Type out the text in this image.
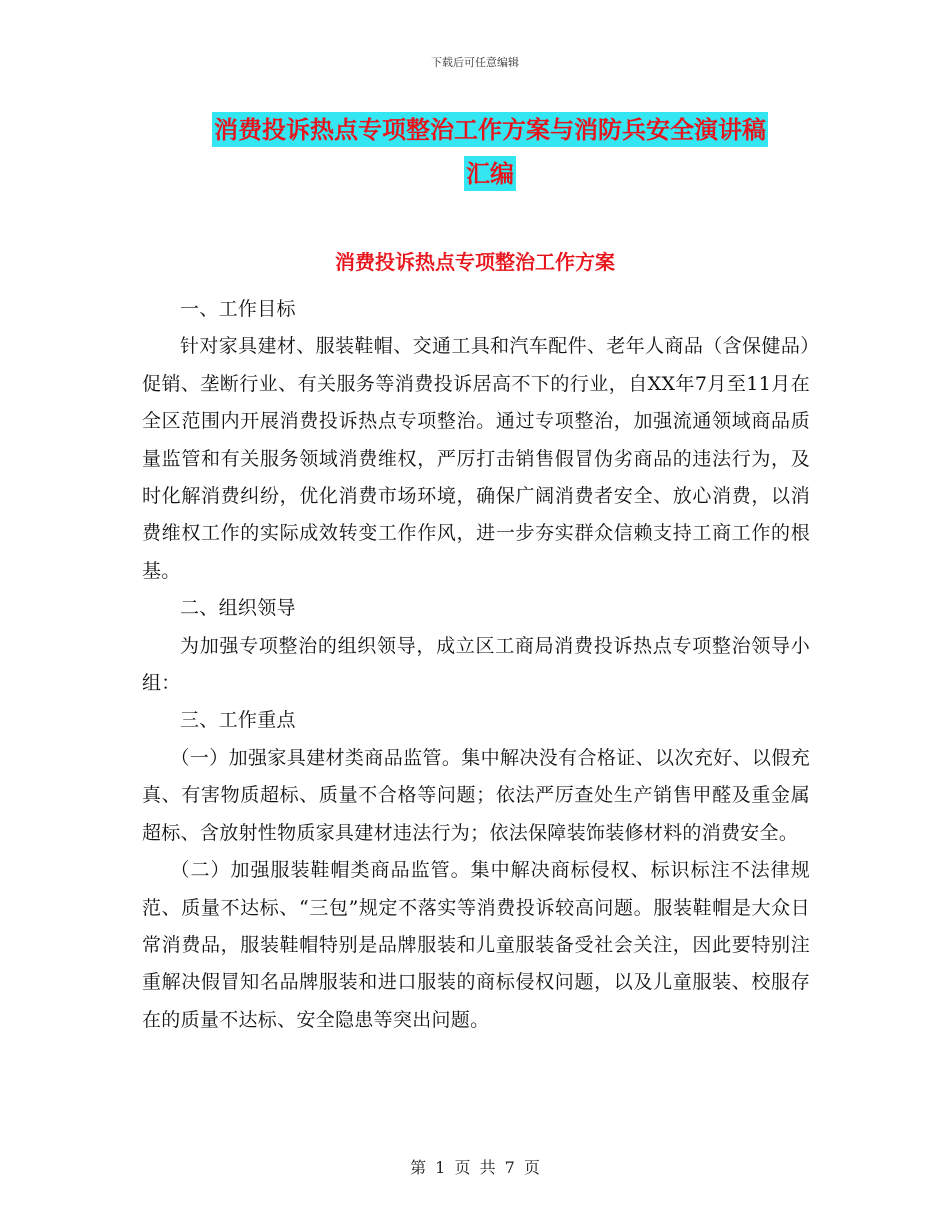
下载后可任意编辑
消费投诉热点专项整治工作方案与消防兵安全演讲稿
汇编
消费投诉热点专项整治工作方案

一、工作目标

针对家具建材、服装鞋帽、交通工具和汽车配件、老年人商品（含保健品）促销、垄断行业、有关服务等消费投诉居高不下的行业，自XX年7月至11月在全区范围内开展消费投诉热点专项整治。通过专项整治，加强流通领域商品质量监管和有关服务领域消费维权，严厉打击销售假冒伪劣商品的违法行为，及时化解消费纠纷，优化消费市场环境，确保广阔消费者安全、放心消费，以消费维权工作的实际成效转变工作作风，进一步夯实群众信赖支持工商工作的根基。

二、组织领导

为加强专项整治的组织领导，成立区工商局消费投诉热点专项整治领导小组：

三、工作重点

（一）加强家具建材类商品监管。集中解决没有合格证、以次充好、以假充真、有害物质超标、质量不合格等问题；依法严厉查处生产销售甲醛及重金属超标、含放射性物质家具建材违法行为；依法保障装饰装修材料的消费安全。

（二）加强服装鞋帽类商品监管。集中解决商标侵权、标识标注不法律规范、质量不达标、“三包”规定不落实等消费投诉较高问题。服装鞋帽是大众日常消费品，服装鞋帽特别是品牌服装和儿童服装备受社会关注，因此要特别注重解决假冒知名品牌服装和进口服装的商标侵权问题，以及儿童服装、校服存在的质量不达标、安全隐患等突出问题。

第 1 页 共 7 页
